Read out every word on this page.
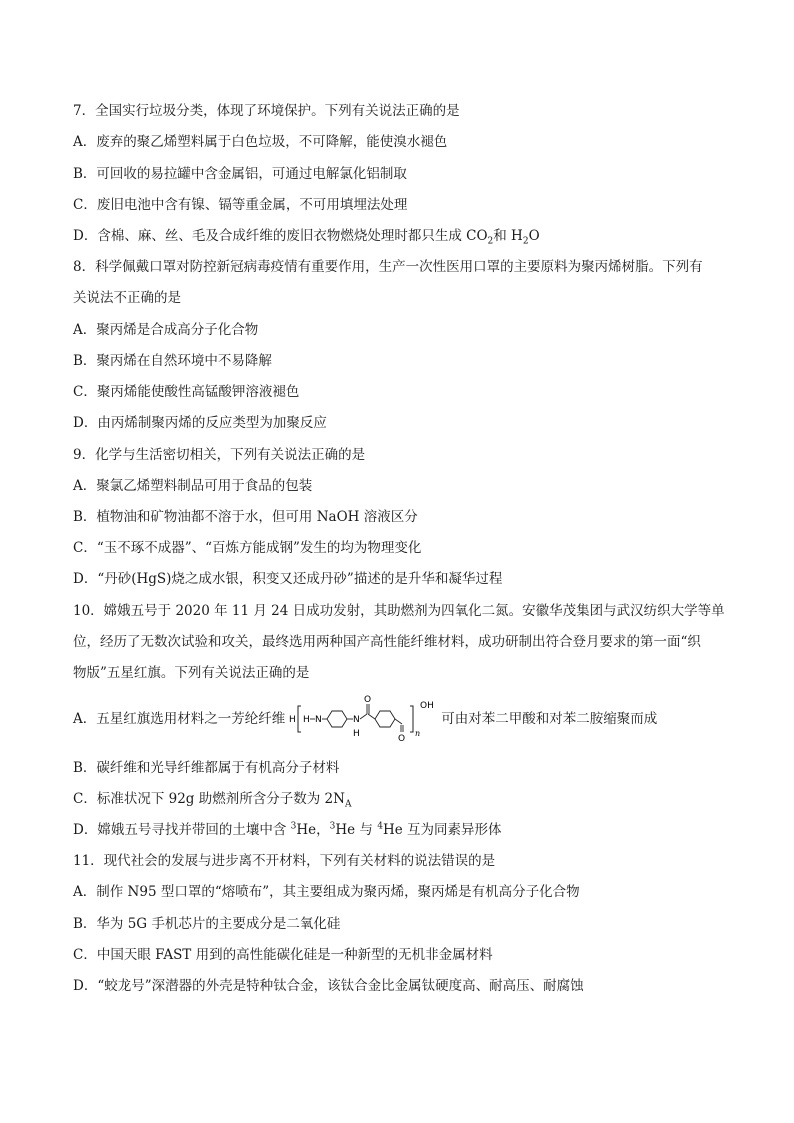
7．全国实行垃圾分类，体现了环境保护。下列有关说法正确的是
A．废弃的聚乙烯塑料属于白色垃圾，不可降解，能使溴水褪色
B．可回收的易拉罐中含金属铝，可通过电解氯化铝制取
C．废旧电池中含有镍、镉等重金属，不可用填埋法处理
D．含棉、麻、丝、毛及合成纤维的废旧衣物燃烧处理时都只生成 $CO_2$和 $H_2O$
8．科学佩戴口罩对防控新冠病毒疫情有重要作用，生产一次性医用口罩的主要原料为聚丙烯树脂。下列有
关说法不正确的是
A．聚丙烯是合成高分子化合物
B．聚丙烯在自然环境中不易降解
C．聚丙烯能使酸性高锰酸钾溶液褪色
D．由丙烯制聚丙烯的反应类型为加聚反应
9．化学与生活密切相关，下列有关说法正确的是
A．聚氯乙烯塑料制品可用于食品的包装
B．植物油和矿物油都不溶于水，但可用 NaOH 溶液区分
C．“玉不琢不成器”、“百炼方能成钢”发生的均为物理变化
D．“丹砂(HgS)烧之成水银，积变又还成丹砂”描述的是升华和凝华过程
10．嫦娥五号于 2020 年 11 月 24 日成功发射，其助燃剂为四氧化二氮。安徽华茂集团与武汉纺织大学等单
位，经历了无数次试验和攻关，最终选用两种国产高性能纤维材料，成功研制出符合登月要求的第一面“织
物版”五星红旗。下列有关说法正确的是
A．五星红旗选用材料之一芳纶纤维 H H N	N
H
O
O
n
OH
可由对苯二甲酸和对苯二胺缩聚而成
B．碳纤维和光导纤维都属于有机高分子材料
C．标准状况下 92g 助燃剂所含分子数为 $2N_A$
D．嫦娥五号寻找并带回的土壤中含 $^3$He，$^3$He 与 $^4$He 互为同素异形体
11．现代社会的发展与进步离不开材料，下列有关材料的说法错误的是
A．制作 N95 型口罩的“熔喷布”，其主要组成为聚丙烯，聚丙烯是有机高分子化合物
B．华为 5G 手机芯片的主要成分是二氧化硅
C．中国天眼 FAST 用到的高性能碳化硅是一种新型的无机非金属材料
D．“蛟龙号”深潜器的外壳是特种钛合金，该钛合金比金属钛硬度高、耐高压、耐腐蚀
